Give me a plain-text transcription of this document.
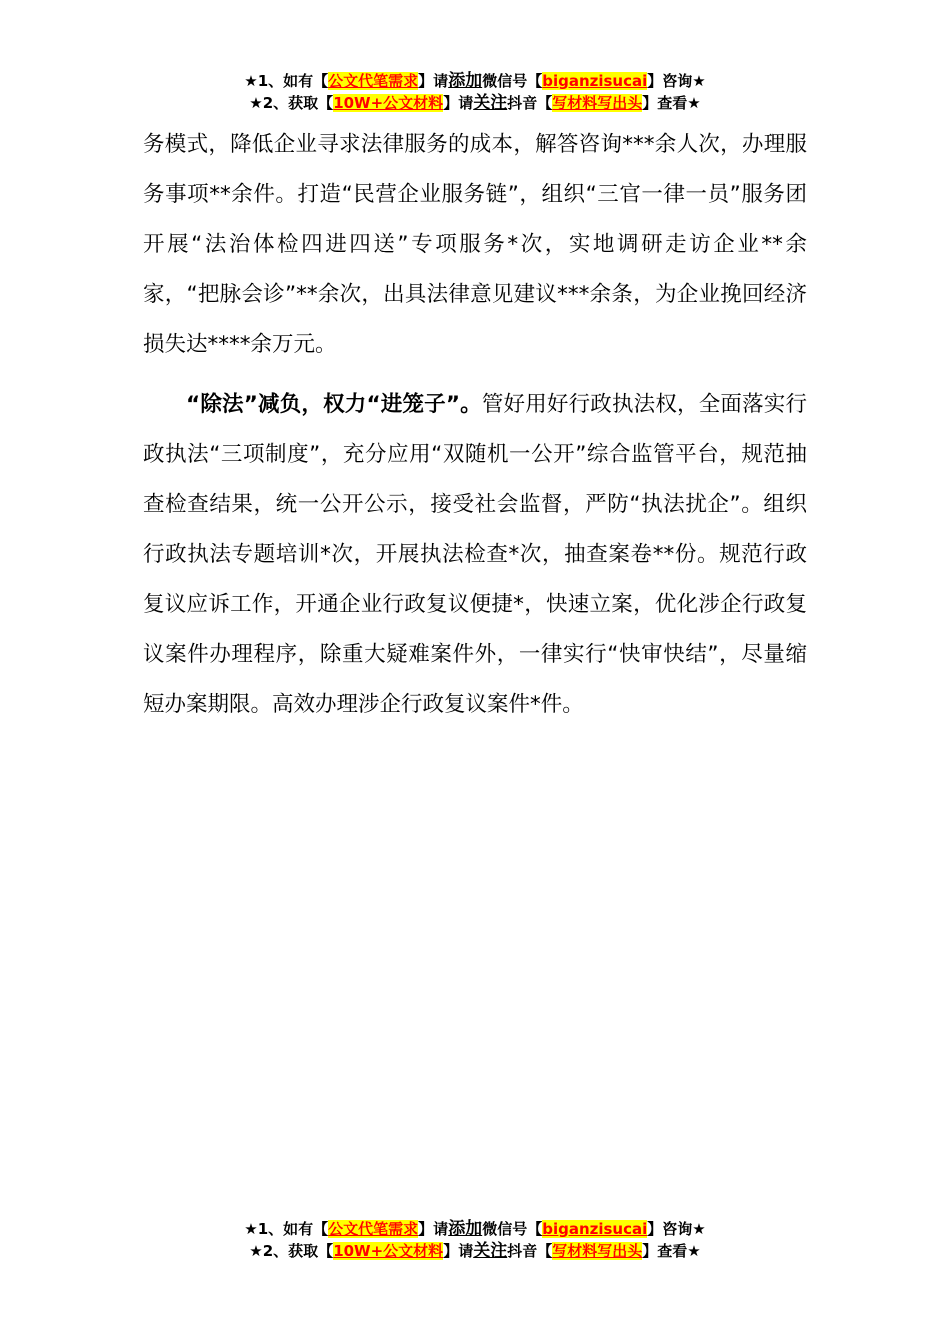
★1、如有【公文代笔需求】请添加微信号【biganzisucai】咨询★
★2、获取【10W+公文材料】请关注抖音【写材料写出头】查看★

务模式，降低企业寻求法律服务的成本，解答咨询***余人次，办理服务事项**余件。打造“民营企业服务链”，组织“三官一律一员”服务团开展“法治体检四进四送”专项服务*次，实地调研走访企业**余家，“把脉会诊”**余次，出具法律意见建议***余条，为企业挽回经济损失达****余万元。

“除法”减负，权力“进笼子”。管好用好行政执法权，全面落实行政执法“三项制度”，充分应用“双随机一公开”综合监管平台，规范抽查检查结果，统一公开公示，接受社会监督，严防“执法扰企”。组织行政执法专题培训*次，开展执法检查*次，抽查案卷**份。规范行政复议应诉工作，开通企业行政复议便捷*，快速立案，优化涉企行政复议案件办理程序，除重大疑难案件外，一律实行“快审快结”，尽量缩短办案期限。高效办理涉企行政复议案件*件。

★1、如有【公文代笔需求】请添加微信号【biganzisucai】咨询★
★2、获取【10W+公文材料】请关注抖音【写材料写出头】查看★
